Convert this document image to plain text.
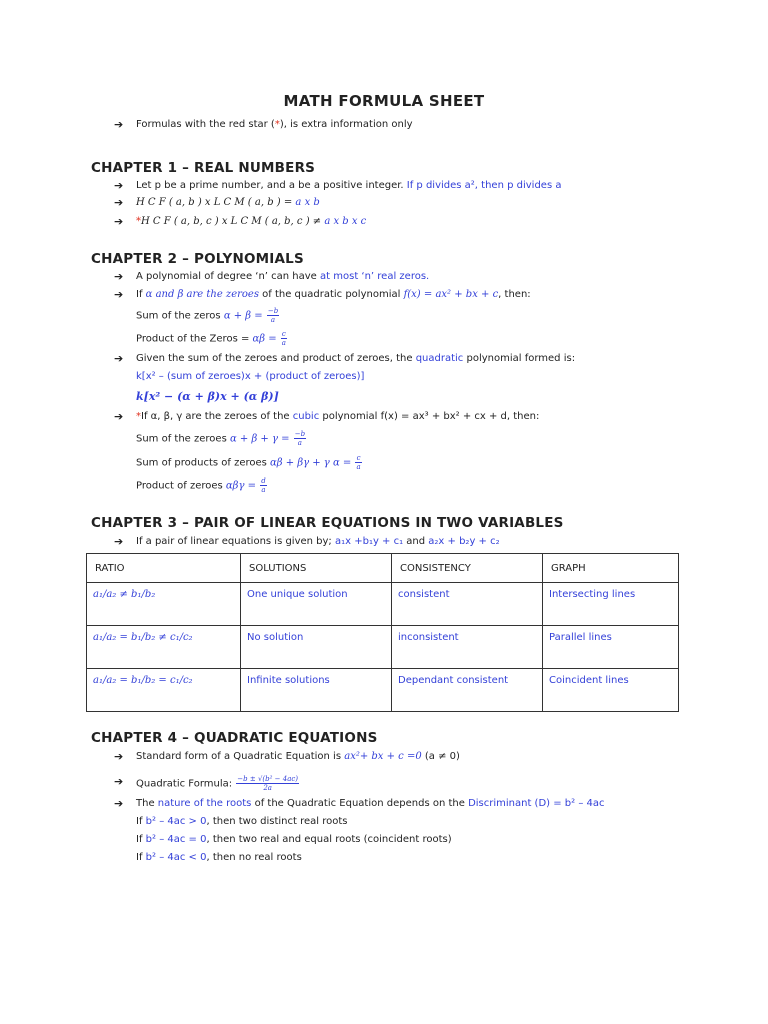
MATH FORMULA SHEET
➔ Formulas with the red star (*), is extra information only
CHAPTER 1 – REAL NUMBERS
➔ Let p be a prime number, and a be a positive integer. If p divides a², then p divides a
➔ H C F ( a, b ) x L C M ( a, b ) = a x b
➔ *H C F ( a, b, c ) x L C M ( a, b, c ) ≠ a x b x c
CHAPTER 2 – POLYNOMIALS
➔ A polynomial of degree ‘n’ can have at most ‘n’ real zeros.
➔ If α and β are the zeroes of the quadratic polynomial f(x) = ax² + bx + c, then:
Sum of the zeros $\alpha + \beta = \frac{-b}{a}$
Product of the Zeros = $\alpha\beta = \frac{c}{a}$
➔ Given the sum of the zeroes and product of zeroes, the quadratic polynomial formed is:
k[x² – (sum of zeroes)x + (product of zeroes)]
k[x² − (α + β)x + (α β)]
➔ *If α, β, γ are the zeroes of the cubic polynomial f(x) = ax³ + bx² + cx + d, then:
Sum of the zeroes $\alpha + \beta + \gamma = \frac{-b}{a}$
Sum of products of zeroes αβ + βγ + γ $\alpha = \frac{c}{a}$
Product of zeroes $\alpha\beta\gamma = \frac{d}{a}$
CHAPTER 3 – PAIR OF LINEAR EQUATIONS IN TWO VARIABLES
➔ If a pair of linear equations is given by; a₁x +b₁y + c₁ and a₂x + b₂y + c₂
RATIO	SOLUTIONS	CONSISTENCY	GRAPH
a₁/a₂ ≠ b₁/b₂	One unique solution	consistent	Intersecting lines
a₁/a₂ = b₁/b₂ ≠ c₁/c₂	No solution	inconsistent	Parallel lines
a₁/a₂ = b₁/b₂ = c₁/c₂	Infinite solutions	Dependant consistent	Coincident lines
CHAPTER 4 – QUADRATIC EQUATIONS
➔ Standard form of a Quadratic Equation is ax²+ bx + c =0 (a ≠ 0)
➔ Quadratic Formula: $\frac{\text{−b ± √(b² − 4ac)}}{2a}$
➔ The nature of the roots of the Quadratic Equation depends on the Discriminant (D) = b² – 4ac
If b² – 4ac > 0, then two distinct real roots
If b² – 4ac = 0, then two real and equal roots (coincident roots)
If b² – 4ac < 0, then no real roots
